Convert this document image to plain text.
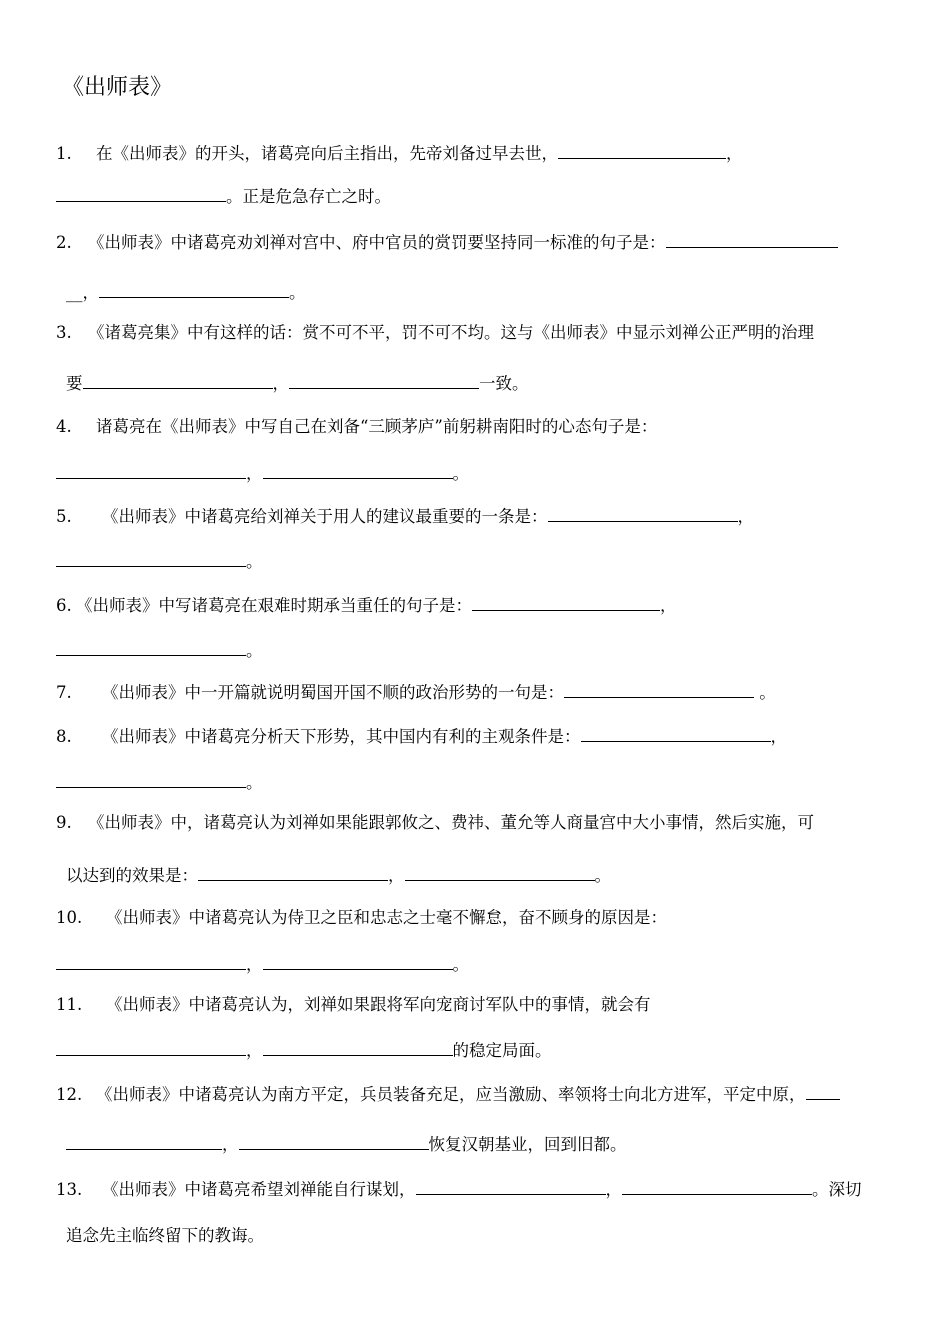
《出师表》
1. 在《出师表》的开头，诸葛亮向后主指出，先帝刘备过早去世，	，
。正是危急存亡之时。
2. 《出师表》中诸葛亮劝刘禅对宫中、府中官员的赏罚要坚持同一标准的句子是：
__，	。
3. 《诸葛亮集》中有这样的话：赏不可不平，罚不可不均。这与《出师表》中显示刘禅公正严明的治理
要	，	一致。
4. 诸葛亮在《出师表》中写自己在刘备“三顾茅庐”前躬耕南阳时的心态句子是：
，	。
5. 《出师表》中诸葛亮给刘禅关于用人的建议最重要的一条是：	，
。
6. 《出师表》中写诸葛亮在艰难时期承当重任的句子是：	，
。
7. 《出师表》中一开篇就说明蜀国开国不顺的政治形势的一句是：	。
8. 《出师表》中诸葛亮分析天下形势，其中国内有利的主观条件是：	，
。
9. 《出师表》中，诸葛亮认为刘禅如果能跟郭攸之、费祎、董允等人商量宫中大小事情，然后实施，可
以达到的效果是：	，	。
10. 《出师表》中诸葛亮认为侍卫之臣和忠志之士毫不懈怠，奋不顾身的原因是：
，	。
11. 《出师表》中诸葛亮认为，刘禅如果跟将军向宠商讨军队中的事情，就会有
，	的稳定局面。
12. 《出师表》中诸葛亮认为南方平定，兵员装备充足，应当激励、率领将士向北方进军，平定中原，
，	恢复汉朝基业，回到旧都。
13. 《出师表》中诸葛亮希望刘禅能自行谋划，	，	。深切
追念先主临终留下的教诲。
